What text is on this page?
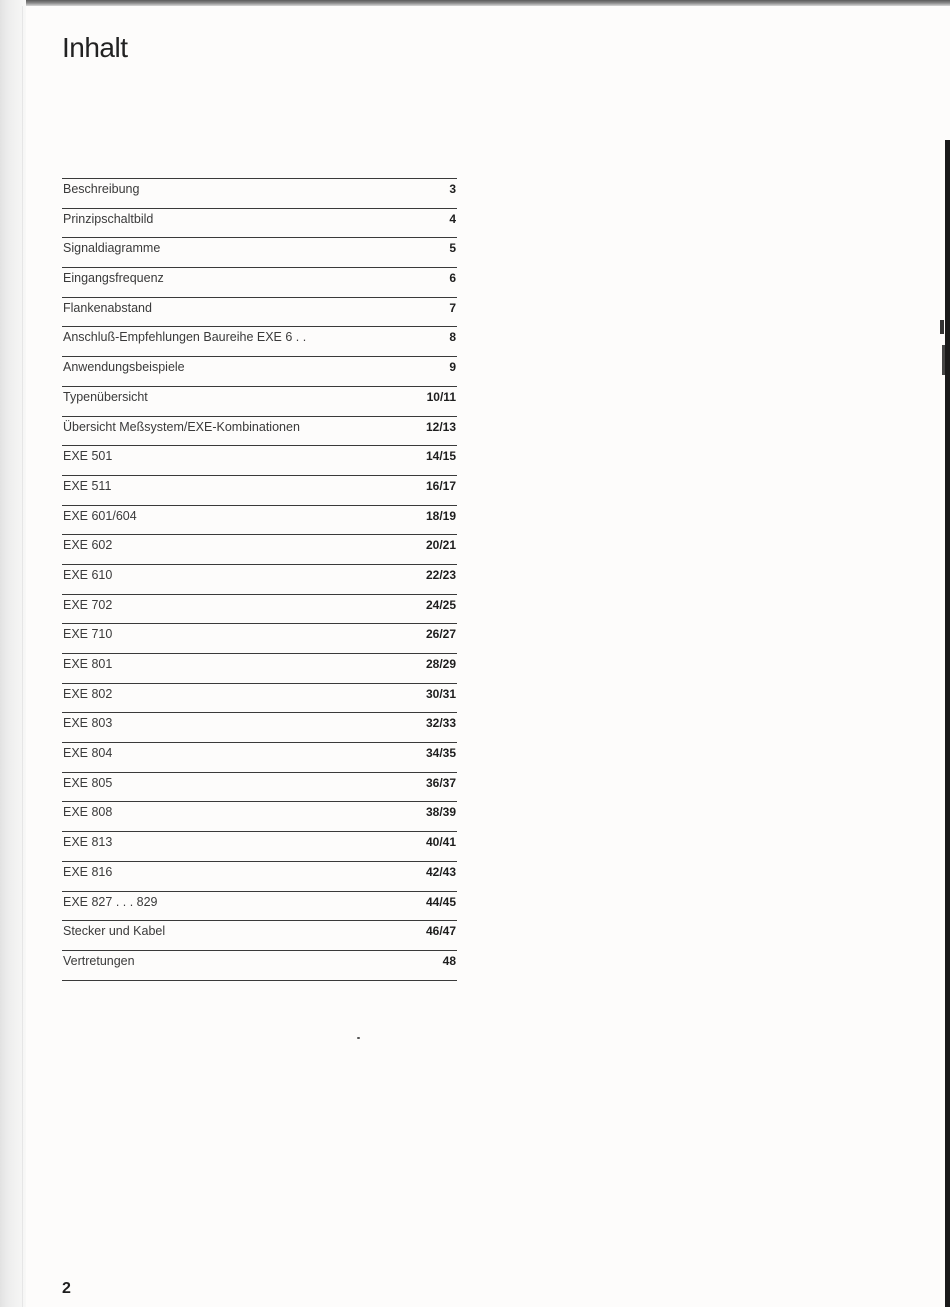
Inhalt
Beschreibung	3
Prinzipschaltbild	4
Signaldiagramme	5
Eingangsfrequenz	6
Flankenabstand	7
Anschluß-Empfehlungen Baureihe EXE 6 . .	8
Anwendungsbeispiele	9
Typenübersicht	10/11
Übersicht Meßsystem/EXE-Kombinationen	12/13
EXE 501	14/15
EXE 511	16/17
EXE 601/604	18/19
EXE 602	20/21
EXE 610	22/23
EXE 702	24/25
EXE 710	26/27
EXE 801	28/29
EXE 802	30/31
EXE 803	32/33
EXE 804	34/35
EXE 805	36/37
EXE 808	38/39
EXE 813	40/41
EXE 816	42/43
EXE 827 . . . 829	44/45
Stecker und Kabel	46/47
Vertretungen	48
2
